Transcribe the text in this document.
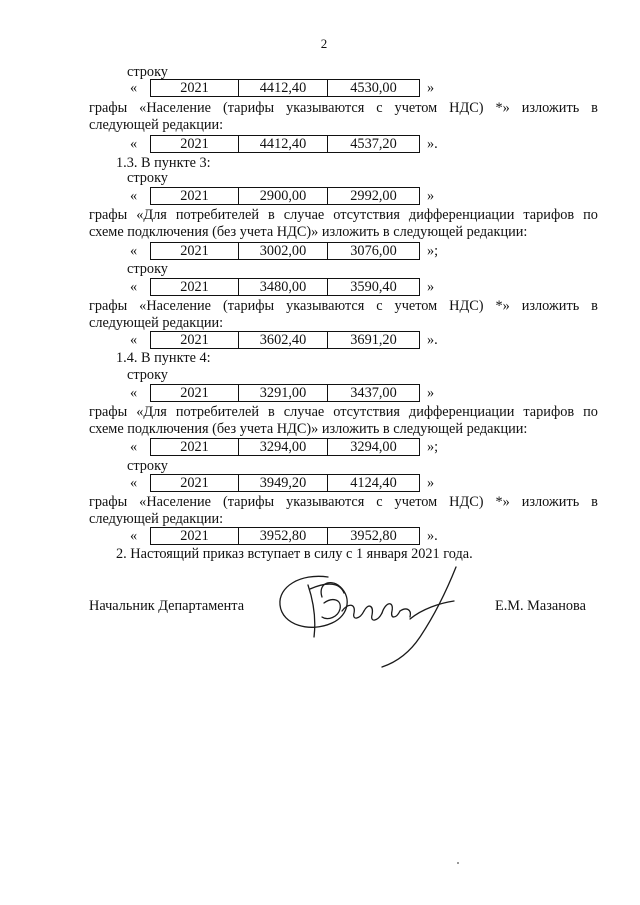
2
строку
«	2021	4412,40	4530,00	»
графы «Население (тарифы указываются с учетом НДС) *» изложить в
следующей редакции:
«	2021	4412,40	4537,20	».
1.3. В пункте 3:
строку
«	2021	2900,00	2992,00	»
графы «Для потребителей в случае отсутствия дифференциации тарифов по
схеме подключения (без учета НДС)» изложить в следующей редакции:
«	2021	3002,00	3076,00	»;
строку
«	2021	3480,00	3590,40	»
графы «Население (тарифы указываются с учетом НДС) *» изложить в
следующей редакции:
«	2021	3602,40	3691,20	».
1.4. В пункте 4:
строку
«	2021	3291,00	3437,00	»
графы «Для потребителей в случае отсутствия дифференциации тарифов по
схеме подключения (без учета НДС)» изложить в следующей редакции:
«	2021	3294,00	3294,00	»;
строку
«	2021	3949,20	4124,40	»
графы «Население (тарифы указываются с учетом НДС) *» изложить в
следующей редакции:
«	2021	3952,80	3952,80	».
2. Настоящий приказ вступает в силу с 1 января 2021 года.
Начальник Департамента	Е.М. Мазанова
